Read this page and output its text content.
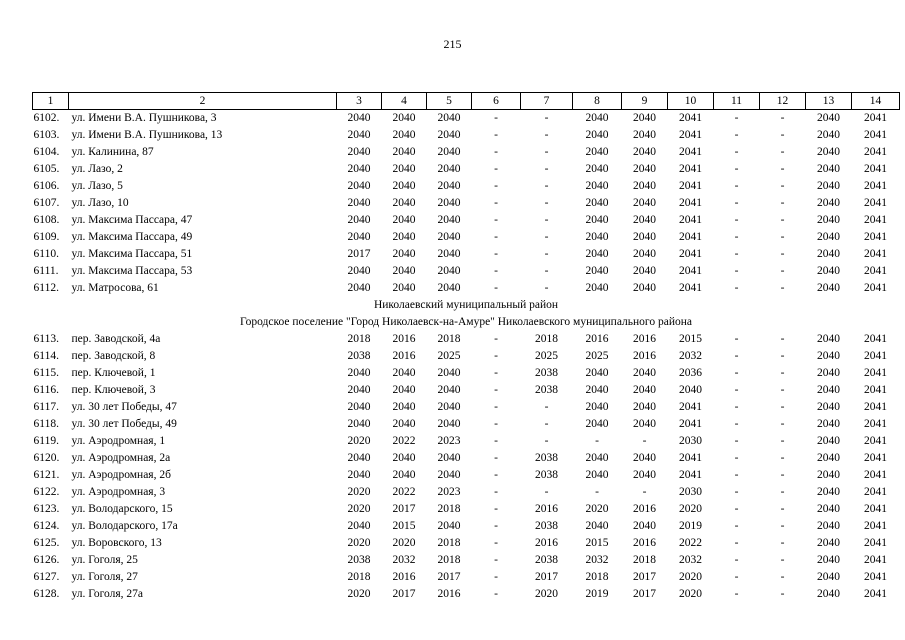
215
1	2	3	4	5	6	7	8	9	10	11	12	13	14
6102.	ул. Имени В.А. Пушникова, 3	2040	2040	2040	-	-	2040	2040	2041	-	-	2040	2041
6103.	ул. Имени В.А. Пушникова, 13	2040	2040	2040	-	-	2040	2040	2041	-	-	2040	2041
6104.	ул. Калинина, 87	2040	2040	2040	-	-	2040	2040	2041	-	-	2040	2041
6105.	ул. Лазо, 2	2040	2040	2040	-	-	2040	2040	2041	-	-	2040	2041
6106.	ул. Лазо, 5	2040	2040	2040	-	-	2040	2040	2041	-	-	2040	2041
6107.	ул. Лазо, 10	2040	2040	2040	-	-	2040	2040	2041	-	-	2040	2041
6108.	ул. Максима Пассара, 47	2040	2040	2040	-	-	2040	2040	2041	-	-	2040	2041
6109.	ул. Максима Пассара, 49	2040	2040	2040	-	-	2040	2040	2041	-	-	2040	2041
6110.	ул. Максима Пассара, 51	2017	2040	2040	-	-	2040	2040	2041	-	-	2040	2041
6111.	ул. Максима Пассара, 53	2040	2040	2040	-	-	2040	2040	2041	-	-	2040	2041
6112.	ул. Матросова, 61	2040	2040	2040	-	-	2040	2040	2041	-	-	2040	2041
Николаевский муниципальный район													
Городское поселение "Город Николаевск-на-Амуре" Николаевского муниципального района													
6113.	пер. Заводской, 4а	2018	2016	2018	-	2018	2016	2016	2015	-	-	2040	2041
6114.	пер. Заводской, 8	2038	2016	2025	-	2025	2025	2016	2032	-	-	2040	2041
6115.	пер. Ключевой, 1	2040	2040	2040	-	2038	2040	2040	2036	-	-	2040	2041
6116.	пер. Ключевой, 3	2040	2040	2040	-	2038	2040	2040	2040	-	-	2040	2041
6117.	ул. 30 лет Победы, 47	2040	2040	2040	-	-	2040	2040	2041	-	-	2040	2041
6118.	ул. 30 лет Победы, 49	2040	2040	2040	-	-	2040	2040	2041	-	-	2040	2041
6119.	ул. Аэродромная, 1	2020	2022	2023	-	-	-	-	2030	-	-	2040	2041
6120.	ул. Аэродромная, 2а	2040	2040	2040	-	2038	2040	2040	2041	-	-	2040	2041
6121.	ул. Аэродромная, 2б	2040	2040	2040	-	2038	2040	2040	2041	-	-	2040	2041
6122.	ул. Аэродромная, 3	2020	2022	2023	-	-	-	-	2030	-	-	2040	2041
6123.	ул. Володарского, 15	2020	2017	2018	-	2016	2020	2016	2020	-	-	2040	2041
6124.	ул. Володарского, 17а	2040	2015	2040	-	2038	2040	2040	2019	-	-	2040	2041
6125.	ул. Воровского, 13	2020	2020	2018	-	2016	2015	2016	2022	-	-	2040	2041
6126.	ул. Гоголя, 25	2038	2032	2018	-	2038	2032	2018	2032	-	-	2040	2041
6127.	ул. Гоголя, 27	2018	2016	2017	-	2017	2018	2017	2020	-	-	2040	2041
6128.	ул. Гоголя, 27а	2020	2017	2016	-	2020	2019	2017	2020	-	-	2040	2041
